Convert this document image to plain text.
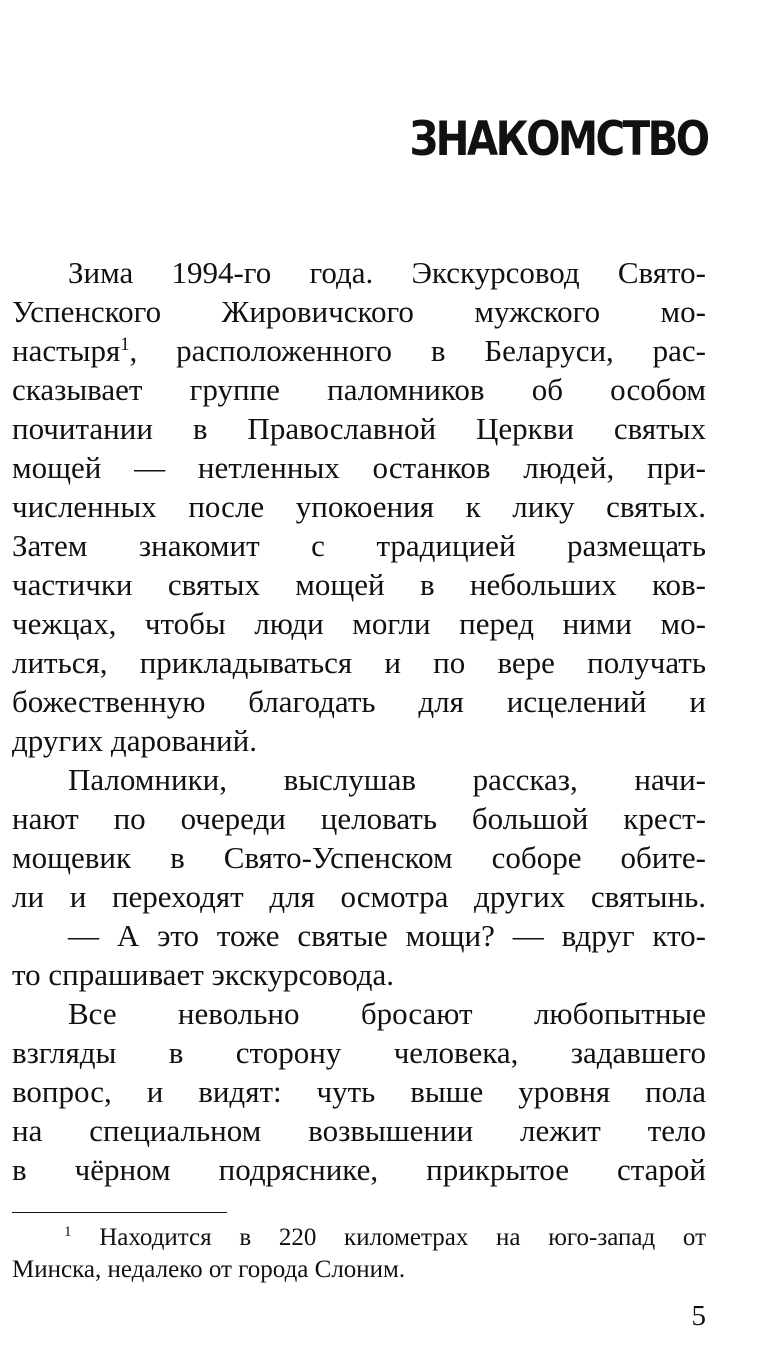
ЗНАКОМСТВО
Зима 1994-го года. Экскурсовод Свято-
Успенского Жировичского мужского мо-
настыря$^1$, расположенного в Беларуси, рас-
сказывает группе паломников об особом
почитании в Православной Церкви святых
мощей — нетленных останков людей, при-
численных после упокоения к лику святых.
Затем знакомит с традицией размещать
частички святых мощей в небольших ков-
чежцах, чтобы люди могли перед ними мо-
литься, прикладываться и по вере получать
божественную благодать для исцелений и
других дарований.
Паломники, выслушав рассказ, начи-
нают по очереди целовать большой крест-
мощевик в Свято-Успенском соборе обите-
ли и переходят для осмотра других святынь.
— А это тоже святые мощи? — вдруг кто-
то спрашивает экскурсовода.
Все невольно бросают любопытные
взгляды в сторону человека, задавшего
вопрос, и видят: чуть выше уровня пола
на специальном возвышении лежит тело
в чёрном подряснике, прикрытое старой
$^1$ Находится в 220 километрах на юго-запад от
Минска, недалеко от города Слоним.
5
